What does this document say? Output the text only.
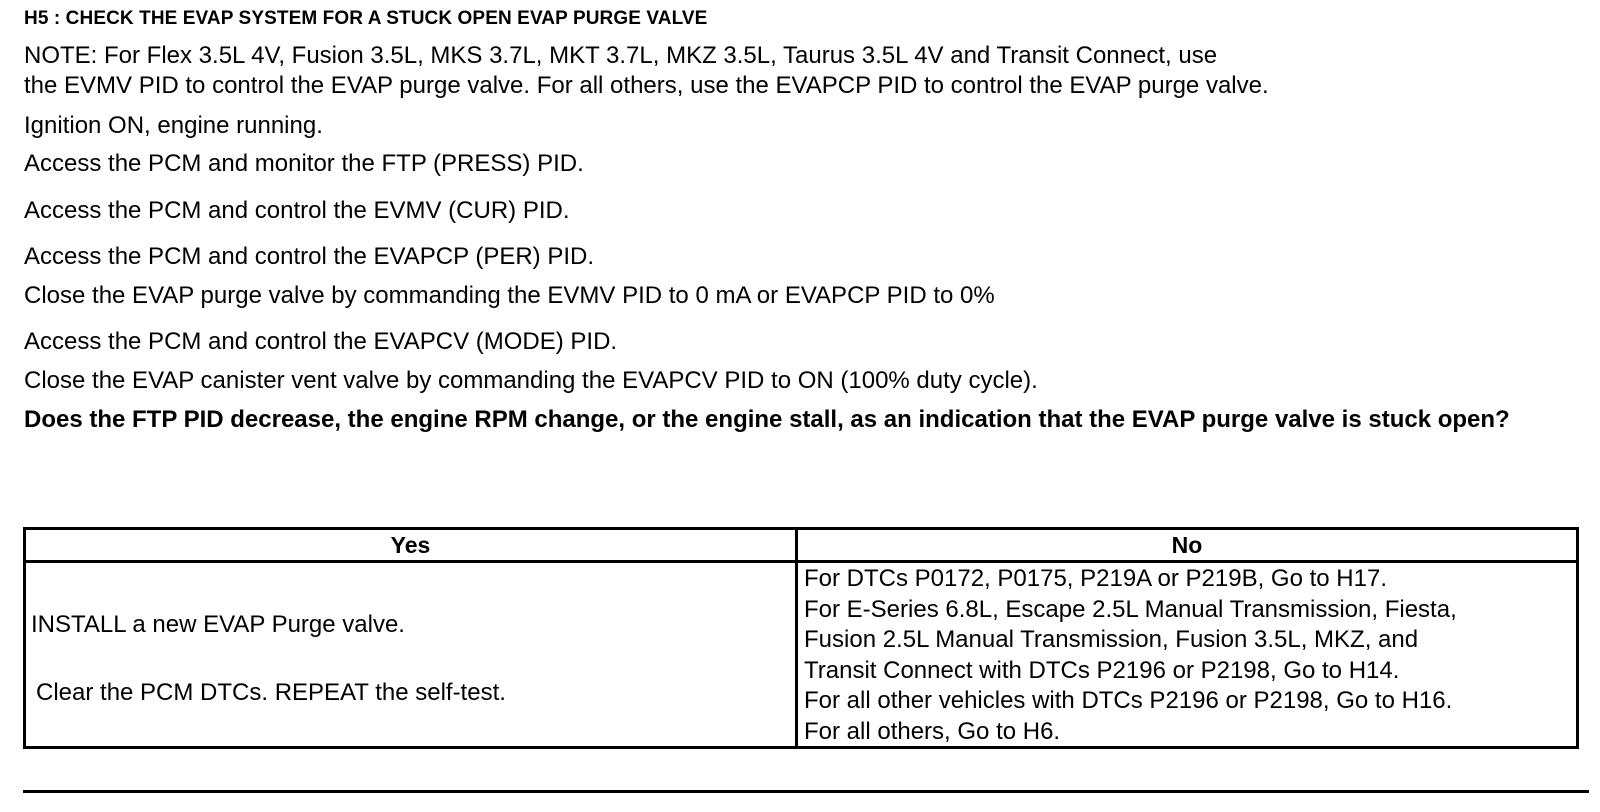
H5 : CHECK THE EVAP SYSTEM FOR A STUCK OPEN EVAP PURGE VALVE
NOTE: For Flex 3.5L 4V, Fusion 3.5L, MKS 3.7L, MKT 3.7L, MKZ 3.5L, Taurus 3.5L 4V and Transit Connect, use
the EVMV PID to control the EVAP purge valve. For all others, use the EVAPCP PID to control the EVAP purge valve.
Ignition ON, engine running.
Access the PCM and monitor the FTP (PRESS) PID.
Access the PCM and control the EVMV (CUR) PID.
Access the PCM and control the EVAPCP (PER) PID.
Close the EVAP purge valve by commanding the EVMV PID to 0 mA or EVAPCP PID to 0%
Access the PCM and control the EVAPCV (MODE) PID.
Close the EVAP canister vent valve by commanding the EVAPCV PID to ON (100% duty cycle).
Does the FTP PID decrease, the engine RPM change, or the engine stall, as an indication that the EVAP purge valve is stuck open?
Yes	No
INSTALL a new EVAP Purge valve.
Clear the PCM DTCs. REPEAT the self-test.
For DTCs P0172, P0175, P219A or P219B, Go to H17.
For E-Series 6.8L, Escape 2.5L Manual Transmission, Fiesta,
Fusion 2.5L Manual Transmission, Fusion 3.5L, MKZ, and
Transit Connect with DTCs P2196 or P2198, Go to H14.
For all other vehicles with DTCs P2196 or P2198, Go to H16.
For all others, Go to H6.
